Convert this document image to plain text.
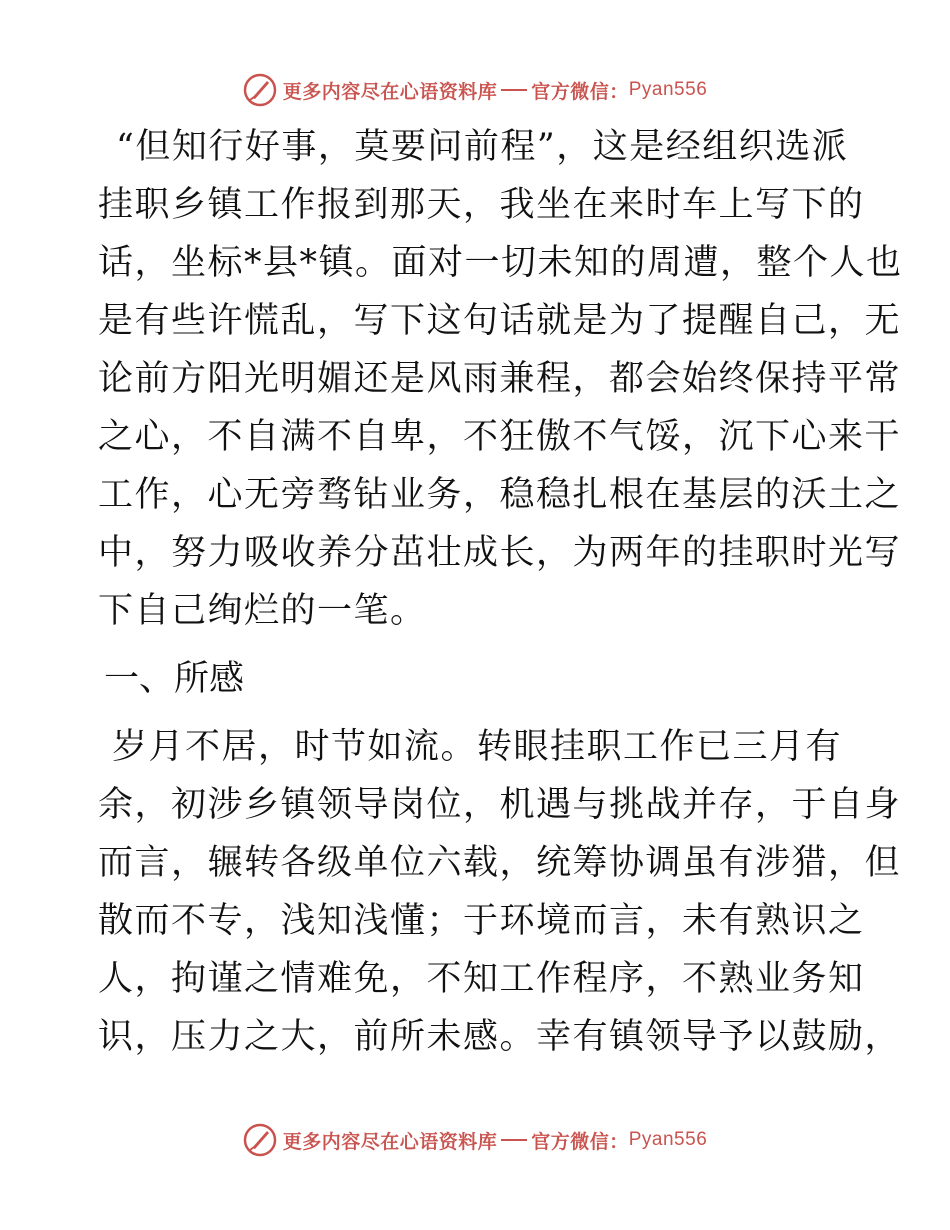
更多内容尽在心语资料库 官方微信： Pyan556
“但知行好事，莫要问前程”，这是经组织选派
挂职乡镇工作报到那天，我坐在来时车上写下的
话，坐标*县*镇。面对一切未知的周遭，整个人也
是有些许慌乱，写下这句话就是为了提醒自己，无
论前方阳光明媚还是风雨兼程，都会始终保持平常
之心，不自满不自卑，不狂傲不气馁，沉下心来干
工作，心无旁骛钻业务，稳稳扎根在基层的沃土之
中，努力吸收养分茁壮成长，为两年的挂职时光写
下自己绚烂的一笔。
一、所感
岁月不居，时节如流。转眼挂职工作已三月有
余，初涉乡镇领导岗位，机遇与挑战并存，于自身
而言，辗转各级单位六载，统筹协调虽有涉猎，但
散而不专，浅知浅懂；于环境而言，未有熟识之
人，拘谨之情难免，不知工作程序，不熟业务知
识，压力之大，前所未感。幸有镇领导予以鼓励，
更多内容尽在心语资料库 官方微信： Pyan556
